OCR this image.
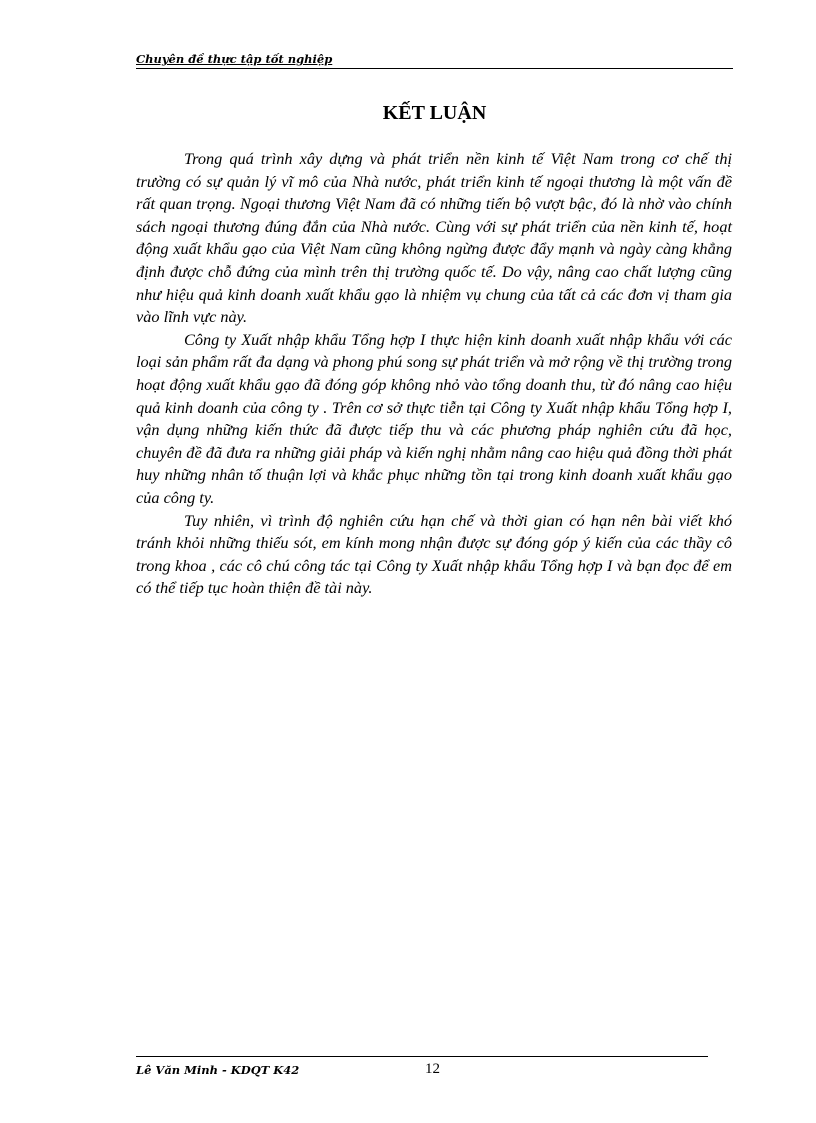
Chuyên đề thực tập tốt nghiệp
KẾT LUẬN

Trong quá trình xây dựng và phát triển nền kinh tế Việt Nam trong cơ chế thị trường có sự quản lý vĩ mô của Nhà nước, phát triển kinh tế ngoại thương là một vấn đề rất quan trọng. Ngoại thương Việt Nam đã có những tiến bộ vượt bậc, đó là nhờ vào chính sách ngoại thương đúng đắn của Nhà nước. Cùng với sự phát triển của nền kinh tế, hoạt động xuất khẩu gạo của Việt Nam cũng không ngừng được đẩy mạnh và ngày càng khẳng định được chỗ đứng của mình trên thị trường quốc tế. Do vậy, nâng cao chất lượng cũng như hiệu quả kinh doanh xuất khẩu gạo là nhiệm vụ chung của tất cả các đơn vị tham gia vào lĩnh vực này.

Công ty Xuất nhập khẩu Tổng hợp I thực hiện kinh doanh xuất nhập khẩu với các loại sản phẩm rất đa dạng và phong phú song sự phát triển và mở rộng về thị trường trong hoạt động xuất khẩu gạo đã đóng góp không nhỏ vào tổng doanh thu, từ đó nâng cao hiệu quả kinh doanh của công ty . Trên cơ sở thực tiễn tại Công ty Xuất nhập khẩu Tổng hợp I, vận dụng những kiến thức đã được tiếp thu và các phương pháp nghiên cứu đã học, chuyên đề đã đưa ra những giải pháp và kiến nghị nhằm nâng cao hiệu quả đồng thời phát huy những nhân tố thuận lợi và khắc phục những tồn tại trong kinh doanh xuất khẩu gạo của công ty.

Tuy nhiên, vì trình độ nghiên cứu hạn chế và thời gian có hạn nên bài viết khó tránh khỏi những thiếu sót, em kính mong nhận được sự đóng góp ý kiến của các thầy cô trong khoa , các cô chú công tác tại Công ty Xuất nhập khẩu Tổng hợp I và bạn đọc để em có thể tiếp tục hoàn thiện đề tài này.

Lê Văn Minh - KDQT K42	12
